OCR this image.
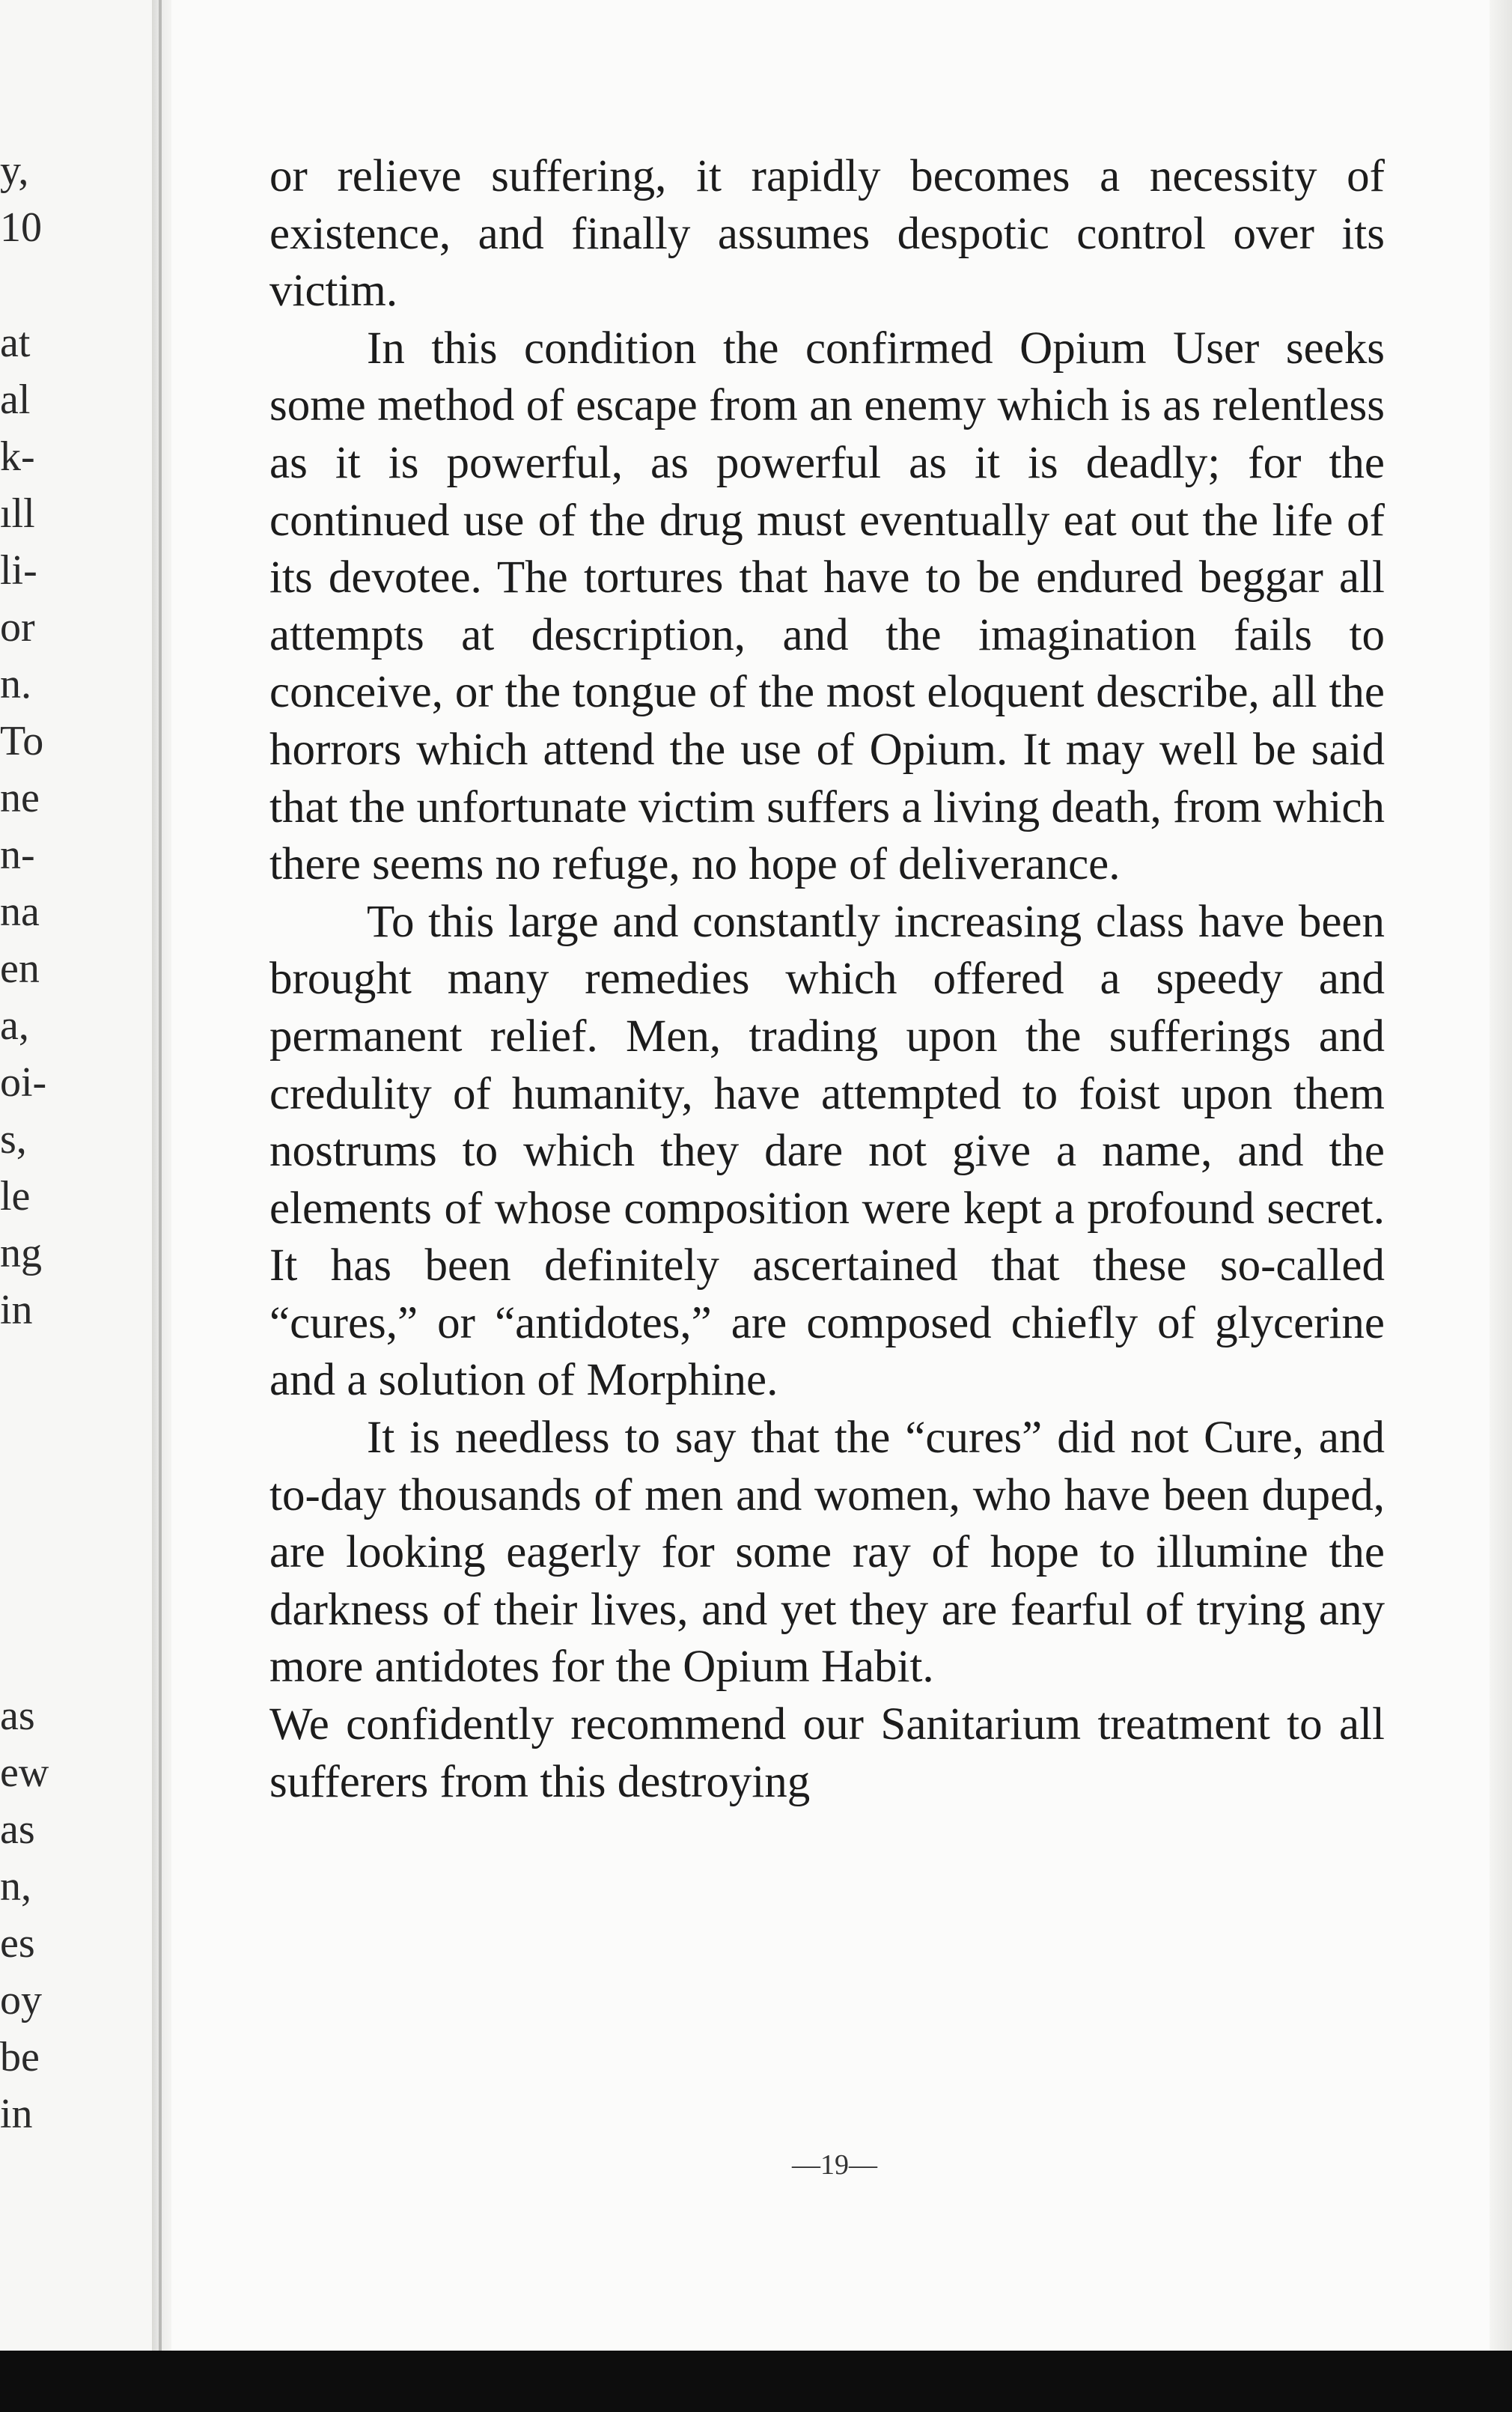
y,
10
at
al
k-
ıll
li-
or
n.
To
ne
n-
na
en
a,
oi-
s,
le
ng
in
as
ew
as
n,
es
oy
be
in

or relieve suffering, it rapidly becomes a necessity of existence, and finally assumes despotic control over its victim.

In this condition the confirmed Opium User seeks some method of escape from an enemy which is as relentless as it is powerful, as powerful as it is deadly; for the continued use of the drug must eventually eat out the life of its devotee. The tortures that have to be endured beggar all attempts at description, and the imagination fails to conceive, or the tongue of the most eloquent describe, all the horrors which attend the use of Opium. It may well be said that the unfortunate victim suffers a living death, from which there seems no refuge, no hope of deliverance.

To this large and constantly increasing class have been brought many remedies which offered a speedy and permanent relief. Men, trading upon the sufferings and credulity of humanity, have attempted to foist upon them nostrums to which they dare not give a name, and the elements of whose composition were kept a profound secret. It has been definitely ascertained that these so-called “cures,” or “antidotes,” are composed chiefly of glycerine and a solution of Morphine.

It is needless to say that the “cures” did not Cure, and to-day thousands of men and women, who have been duped, are looking eagerly for some ray of hope to illumine the darkness of their lives, and yet they are fearful of trying any more antidotes for the Opium Habit.

We confidently recommend our Sanitarium treatment to all sufferers from this destroying

—19—
